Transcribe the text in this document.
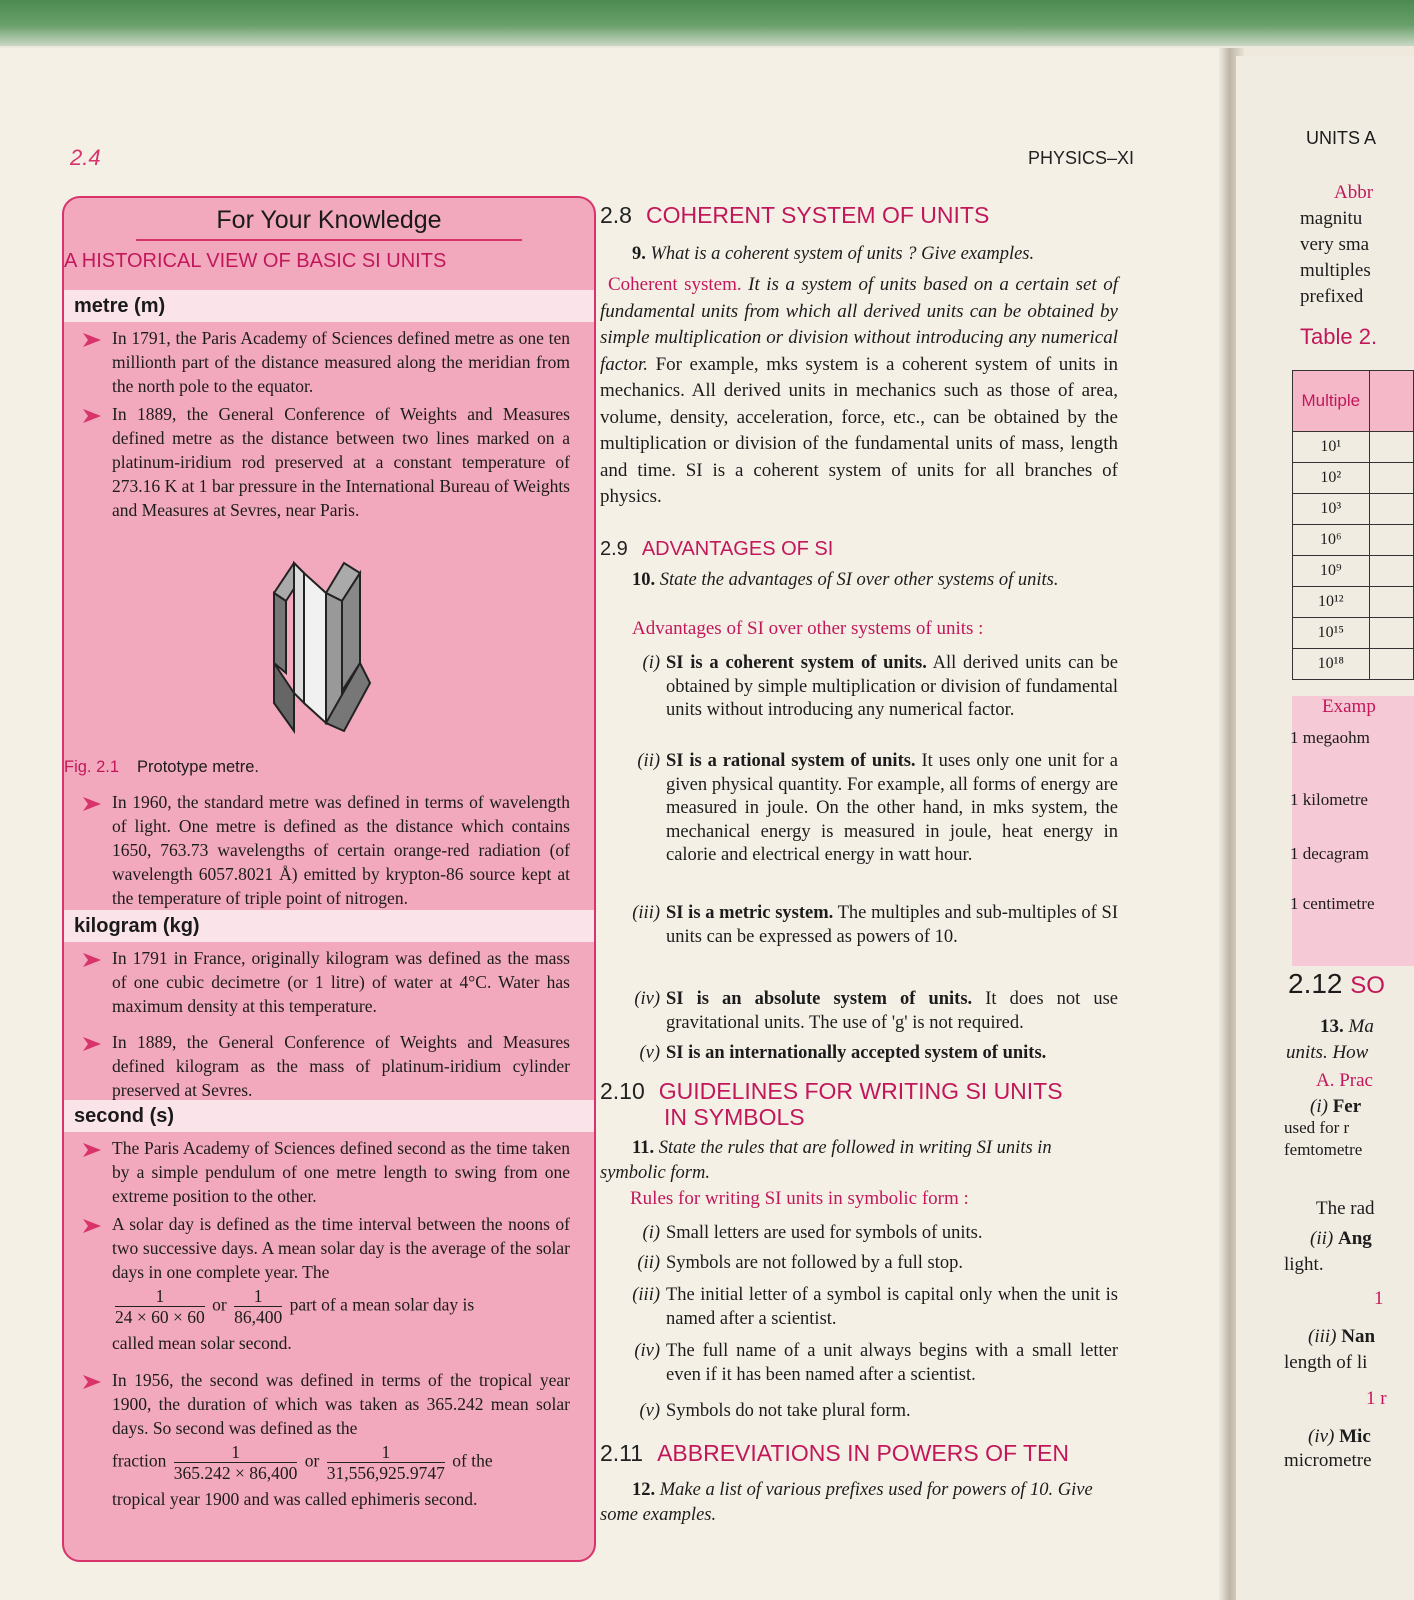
2.4	PHYSICS–XI
For Your Knowledge
A HISTORICAL VIEW OF BASIC SI UNITS
metre (m)
In 1791, the Paris Academy of Sciences defined metre as one ten millionth part of the distance measured along the meridian from the north pole to the equator.
In 1889, the General Conference of Weights and Measures defined metre as the distance between two lines marked on a platinum-iridium rod preserved at a constant temperature of 273.16 K at 1 bar pressure in the International Bureau of Weights and Measures at Sevres, near Paris.
Fig. 2.1 Prototype metre.
In 1960, the standard metre was defined in terms of wavelength of light. One metre is defined as the distance which contains 1650, 763.73 wavelengths of certain orange-red radiation (of wavelength 6057.8021 Å) emitted by krypton-86 source kept at the temperature of triple point of nitrogen.
kilogram (kg)
In 1791 in France, originally kilogram was defined as the mass of one cubic decimetre (or 1 litre) of water at 4°C. Water has maximum density at this temperature.
In 1889, the General Conference of Weights and Measures defined kilogram as the mass of platinum-iridium cylinder preserved at Sevres.
second (s)
The Paris Academy of Sciences defined second as the time taken by a simple pendulum of one metre length to swing from one extreme position to the other.
A solar day is defined as the time interval between the noons of two successive days. A mean solar day is the average of the solar days in one complete year. The
$\frac{1}{24 \times 60 \times 60}$ or $\frac{1}{86,400}$ part of a mean solar day is
called mean solar second.
In 1956, the second was defined in terms of the tropical year 1900, the duration of which was taken as 365.242 mean solar days. So second was defined as the
fraction $\frac{1}{365.242 \times 86,400}$ or $\frac{1}{31,556,925.9747}$ of the
tropical year 1900 and was called ephimeris second.
2.8 COHERENT SYSTEM OF UNITS
9. What is a coherent system of units ? Give examples.
Coherent system. It is a system of units based on a certain set of fundamental units from which all derived units can be obtained by simple multiplication or division without introducing any numerical factor. For example, mks system is a coherent system of units in mechanics. All derived units in mechanics such as those of area, volume, density, acceleration, force, etc., can be obtained by the multiplication or division of the fundamental units of mass, length and time. SI is a coherent system of units for all branches of physics.
2.9 ADVANTAGES OF SI
10. State the advantages of SI over other systems of units.
Advantages of SI over other systems of units :
(i) SI is a coherent system of units. All derived units can be obtained by simple multiplication or division of fundamental units without introducing any numerical factor.
(ii) SI is a rational system of units. It uses only one unit for a given physical quantity. For example, all forms of energy are measured in joule. On the other hand, in mks system, the mechanical energy is measured in joule, heat energy in calorie and electrical energy in watt hour.
(iii) SI is a metric system. The multiples and sub-multiples of SI units can be expressed as powers of 10.
(iv) SI is an absolute system of units. It does not use gravitational units. The use of 'g' is not required.
(v) SI is an internationally accepted system of units.
2.10 GUIDELINES FOR WRITING SI UNITS
IN SYMBOLS
11. State the rules that are followed in writing SI units in symbolic form.
Rules for writing SI units in symbolic form :
(i) Small letters are used for symbols of units.
(ii) Symbols are not followed by a full stop.
(iii) The initial letter of a symbol is capital only when the unit is named after a scientist.
(iv) The full name of a unit always begins with a small letter even if it has been named after a scientist.
(v) Symbols do not take plural form.
2.11 ABBREVIATIONS IN POWERS OF TEN
12. Make a list of various prefixes used for powers of 10. Give some examples.
UNITS A
Abbr
magnitu
very sma
multiples
prefixed
Table 2.
Multiple	
10¹	
10²	
10³	
10⁶	
10⁹	
10¹²	
10¹⁵	
10¹⁸	
Examp
1 megaohm
1 kilometre
1 decagram
1 centimetre
2.12 SO
13. Ma
units. How
A. Prac
(i) Fer
used for r
femtometre
The rad
(ii) Ang
light.
1
(iii) Nan
length of li
1 r
(iv) Mic
micrometre
